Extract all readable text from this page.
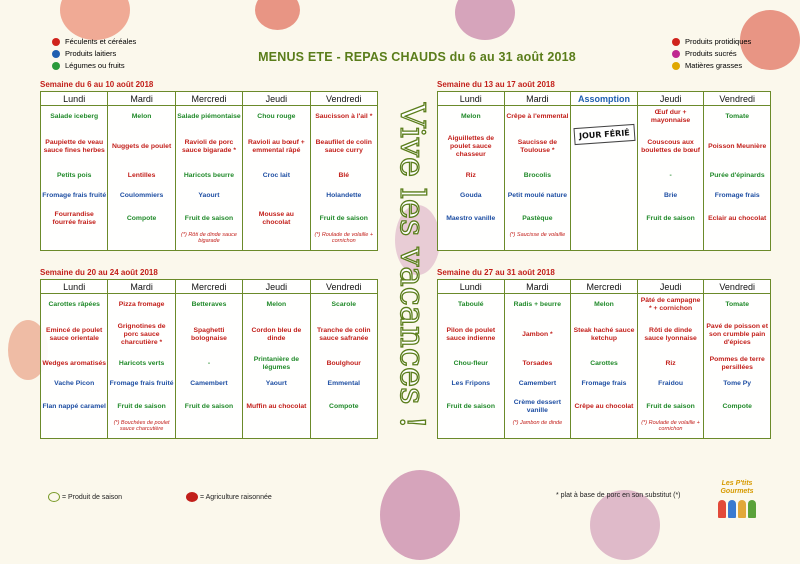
MENUS ETE - REPAS CHAUDS du 6 au 31 août 2018
Féculents et céréales
Produits laitiers
Légumes ou fruits
Produits protidiques
Produits sucrés
Matières grasses
Semaine du 6 au 10 août 2018
Lundi	Mardi	Mercredi	Jeudi	Vendredi

Salade iceberg	Melon	Salade piémontaise	Chou rouge	Saucisson à l'ail *

Paupiette de veau sauce fines herbes	Nuggets de poulet	Ravioli de porc sauce bigarade *	Ravioli au bœuf + emmental râpé	Beaufilet de colin sauce curry

Petits pois	Lentilles	Haricots beurre	Croc lait	Blé

Fromage frais fruité	Coulommiers	Yaourt		Holandette

Fourrandise fourrée fraise	Compote	Fruit de saison	Mousse au chocolat	Fruit de saison

		(*) Rôti de dinde sauce bigarade		(*) Roulade de volaille + cornichon
Semaine du 13 au 17 août 2018
Lundi	Mardi	Assomption	Jeudi	Vendredi

Melon	Crêpe à l'emmental	JOUR FÉRIÉ	Œuf dur + mayonnaise	Tomate

Aiguillettes de poulet sauce chasseur	Saucisse de Toulouse *		Couscous aux boulettes de bœuf	Poisson Meunière

Riz	Brocolis		-	Purée d'épinards

Gouda	Petit moulé nature		Brie	Fromage frais

Maestro vanille	Pastèque		Fruit de saison	Eclair au chocolat

	(*) Saucisse de volaille			

Semaine du 20 au 24 août 2018
Lundi	Mardi	Mercredi	Jeudi	Vendredi

Carottes râpées	Pizza fromage	Betteraves	Melon	Scarole

Emincé de poulet sauce orientale	Grignotines de porc sauce charcutière *	Spaghetti bolognaise	Cordon bleu de dinde	Tranche de colin sauce safranée

Wedges aromatisés	Haricots verts	-	Printanière de légumes	Boulghour

Vache Picon	Fromage frais fruité	Camembert	Yaourt	Emmental

Flan nappé caramel	Fruit de saison	Fruit de saison	Muffin au chocolat	Compote

	(*) Bouchées de poulet sauce charcutière			

Semaine du 27 au 31 août 2018
Lundi	Mardi	Mercredi	Jeudi	Vendredi

Taboulé	Radis + beurre	Melon	Pâté de campagne * + cornichon	Tomate

Pilon de poulet sauce indienne	Jambon *	Steak haché sauce ketchup	Rôti de dinde sauce lyonnaise	Pavé de poisson et son crumble pain d'épices

Chou-fleur	Torsades	Carottes	Riz	Pommes de terre persillées

Les Fripons	Camembert	Fromage frais	Fraidou	Tome Py

Fruit de saison	Crème dessert vanille	Crêpe au chocolat	Fruit de saison	Compote

	(*) Jambon de dinde		(*) Roulade de volaille + cornichon	

Vive les vacances !
= Produit de saison	= Agriculture raisonnée	* plat à base de porc en son substitut (*)
Les P'tits Gourmets
